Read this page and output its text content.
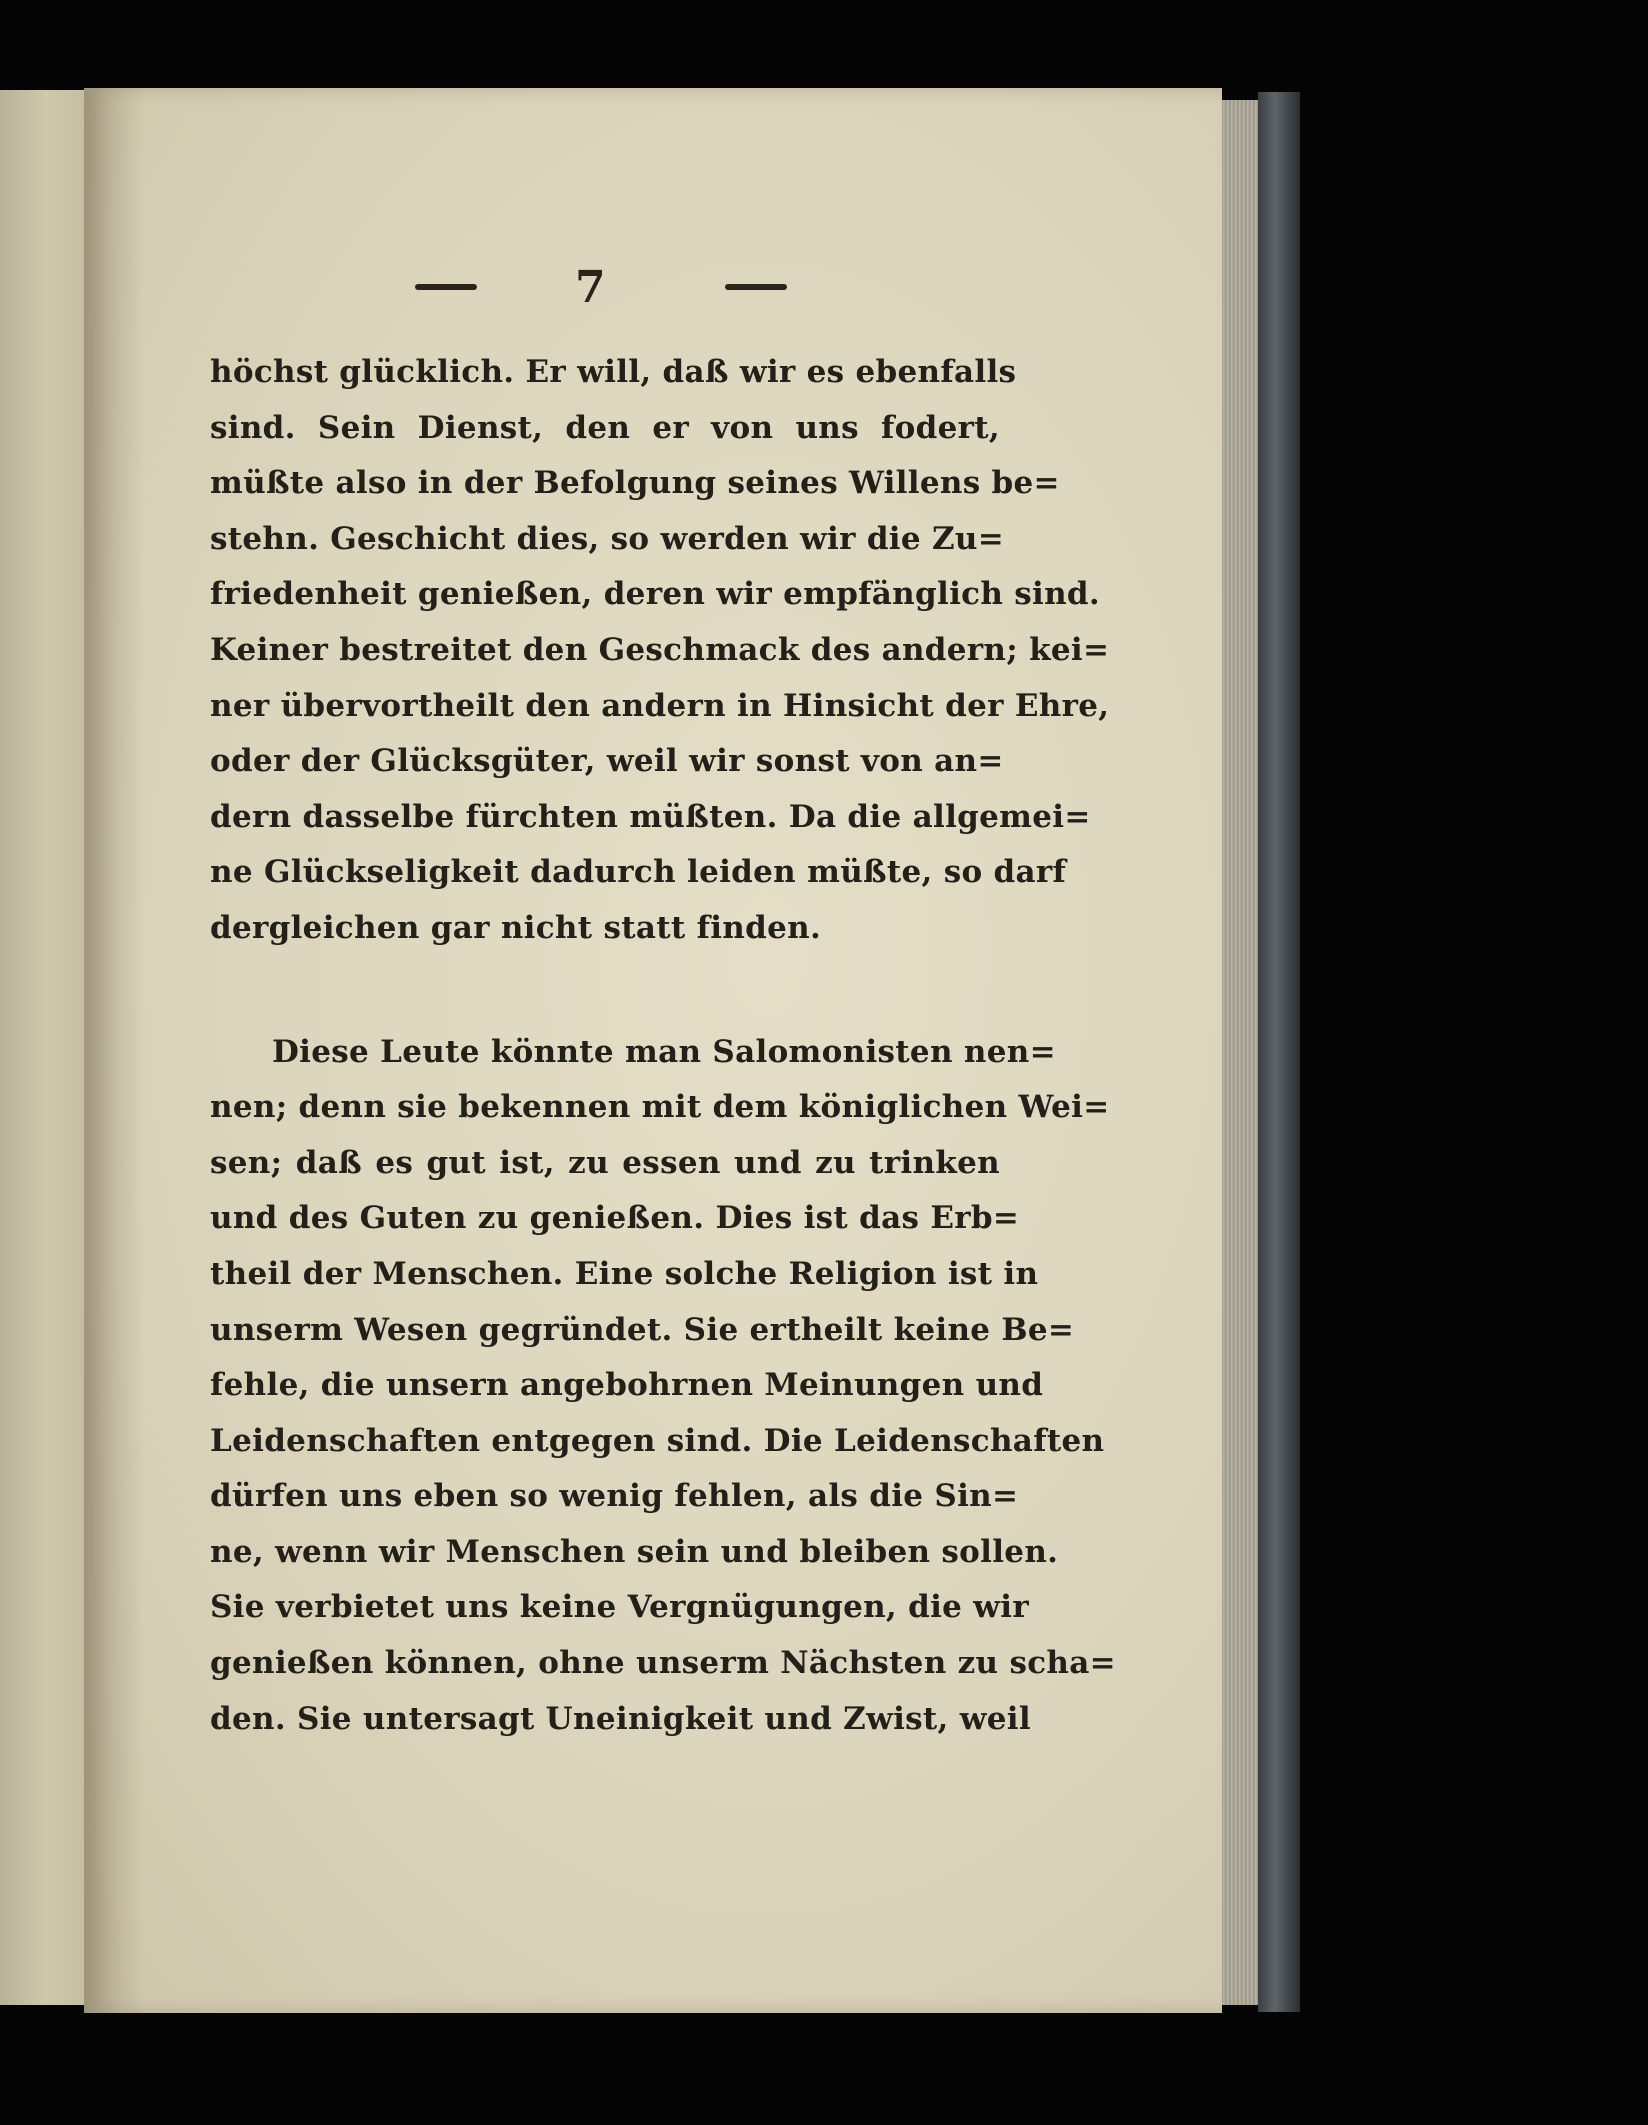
7
höchst glücklich. Er will, daß wir es ebenfalls
sind. Sein Dienst, den er von uns fodert,
müßte also in der Befolgung seines Willens be=
stehn. Geschicht dies, so werden wir die Zu=
friedenheit genießen, deren wir empfänglich sind.
Keiner bestreitet den Geschmack des andern; kei=
ner übervortheilt den andern in Hinsicht der Ehre,
oder der Glücksgüter, weil wir sonst von an=
dern dasselbe fürchten müßten. Da die allgemei=
ne Glückseligkeit dadurch leiden müßte, so darf
dergleichen gar nicht statt finden.
Diese Leute könnte man Salomonisten nen=
nen; denn sie bekennen mit dem königlichen Wei=
sen; daß es gut ist, zu essen und zu trinken
und des Guten zu genießen. Dies ist das Erb=
theil der Menschen. Eine solche Religion ist in
unserm Wesen gegründet. Sie ertheilt keine Be=
fehle, die unsern angebohrnen Meinungen und
Leidenschaften entgegen sind. Die Leidenschaften
dürfen uns eben so wenig fehlen, als die Sin=
ne, wenn wir Menschen sein und bleiben sollen.
Sie verbietet uns keine Vergnügungen, die wir
genießen können, ohne unserm Nächsten zu scha=
den. Sie untersagt Uneinigkeit und Zwist, weil
